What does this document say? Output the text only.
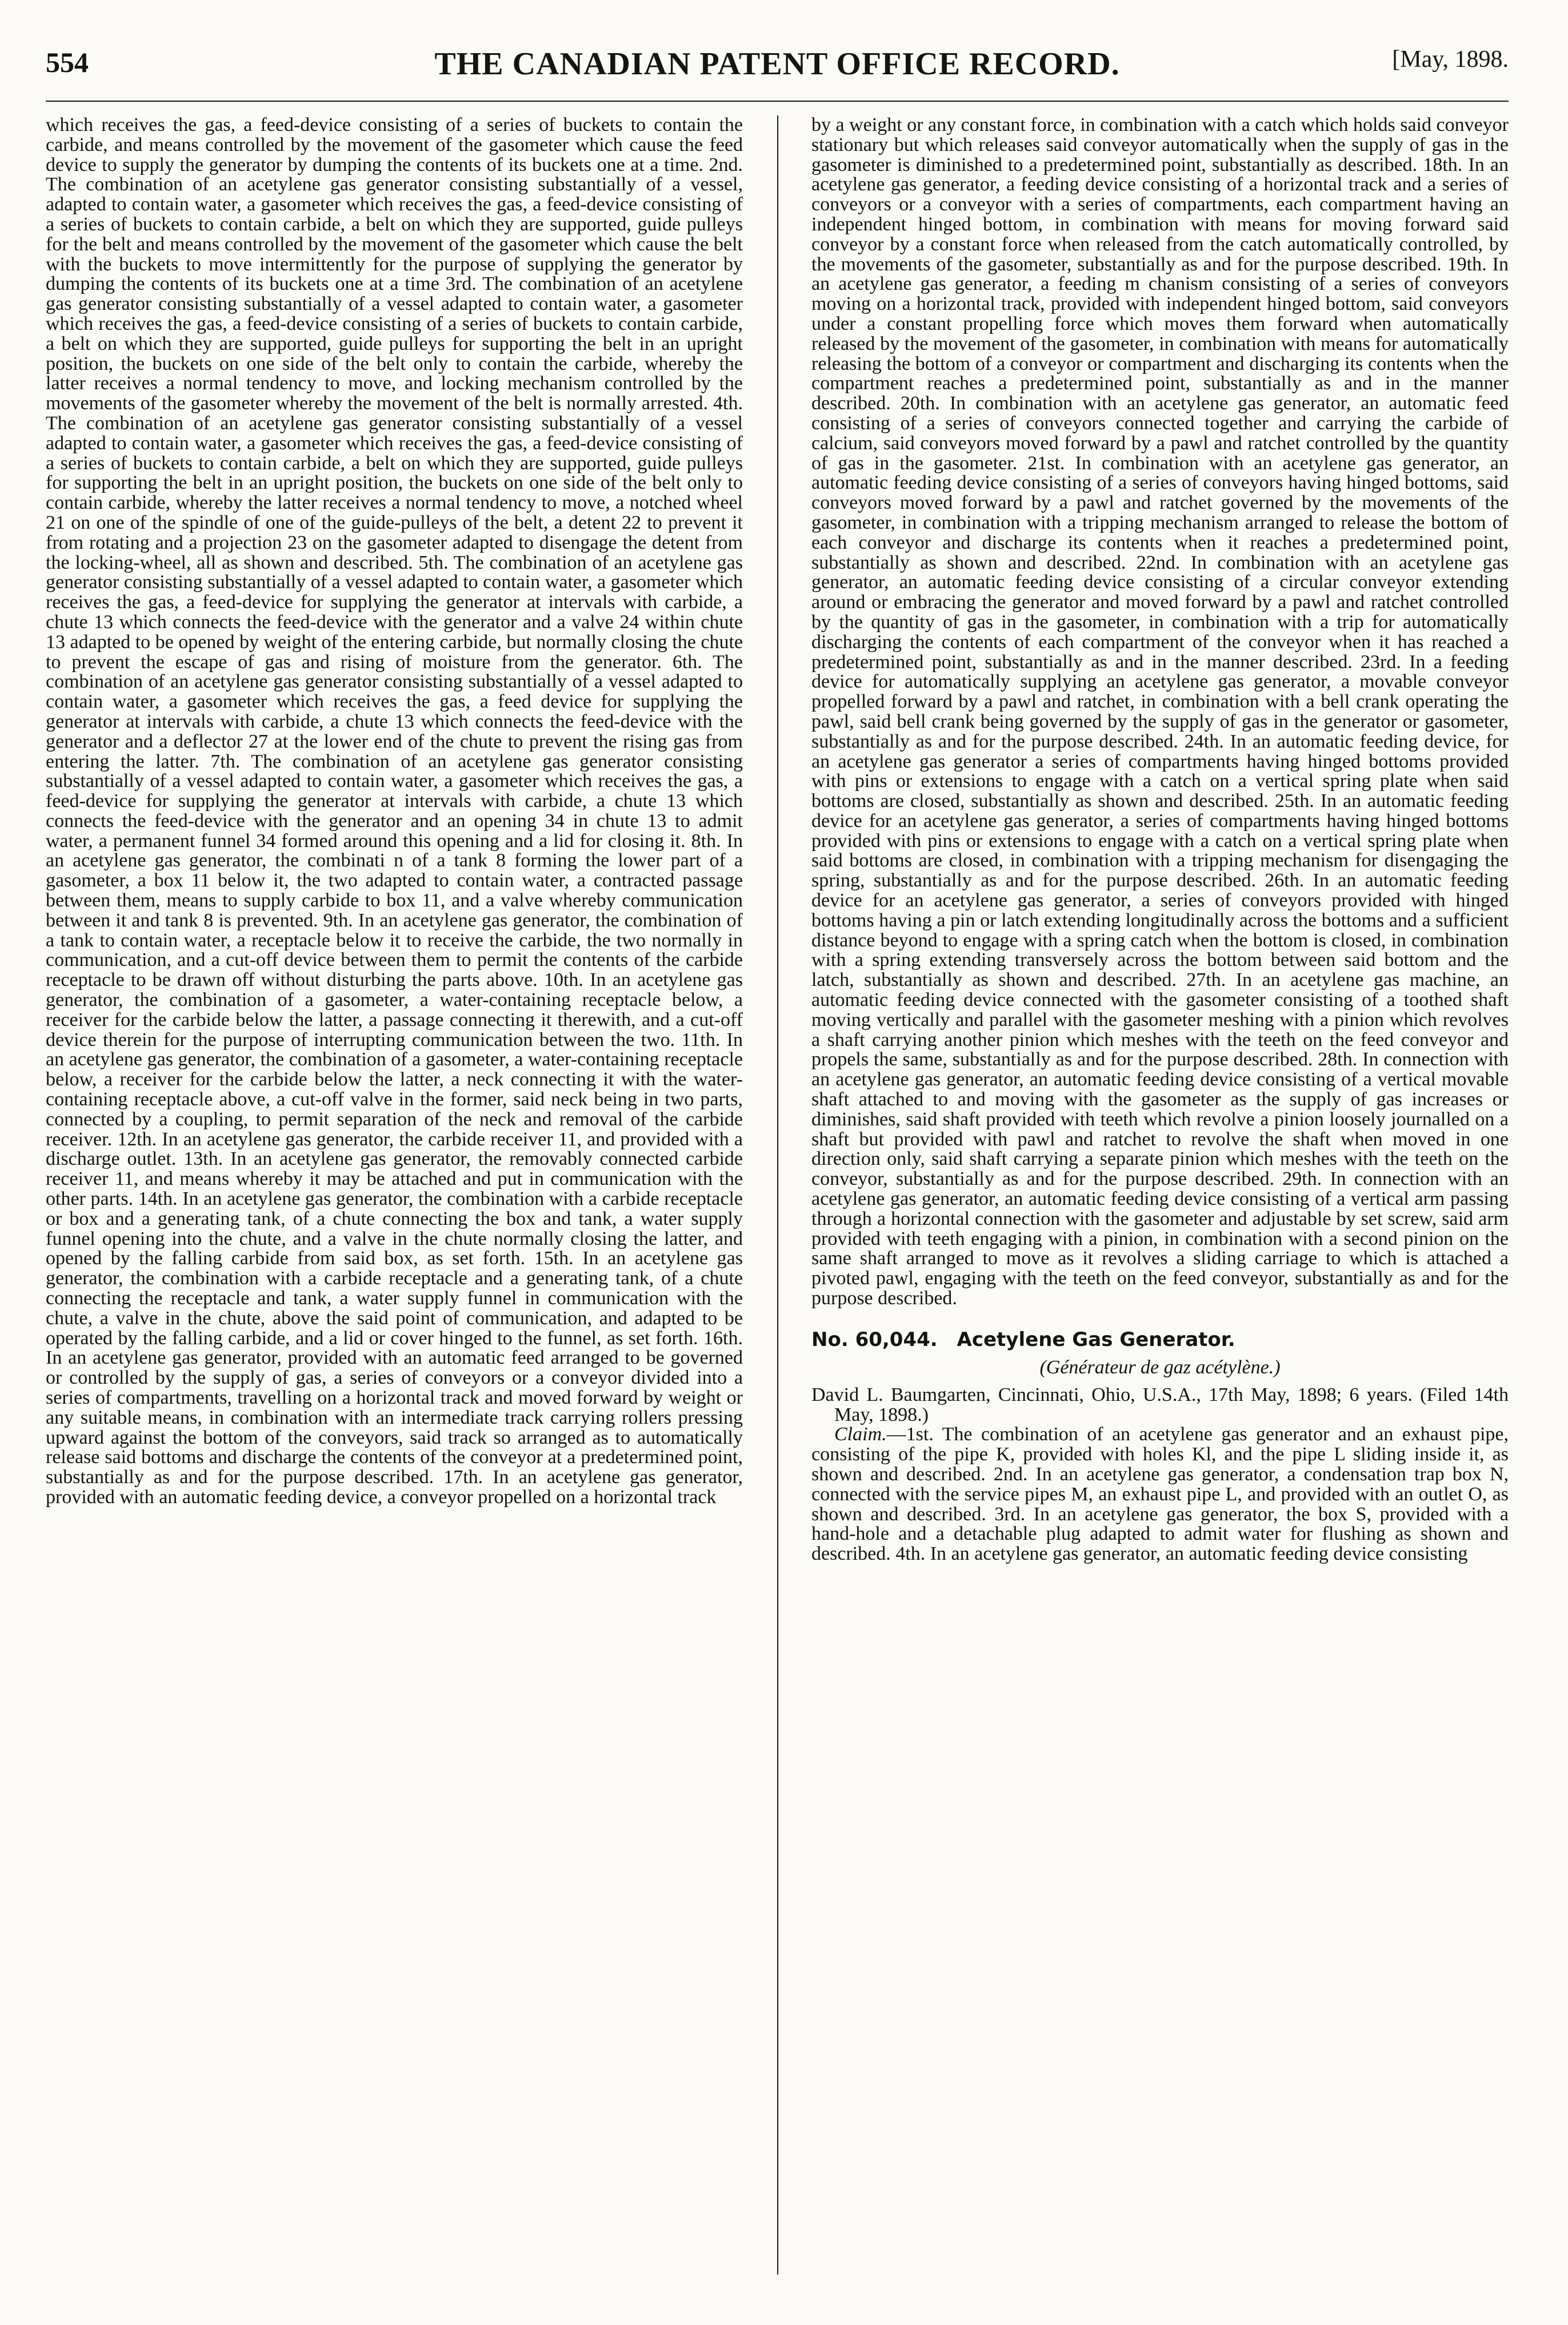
554	THE CANADIAN PATENT OFFICE RECORD.	[May, 1898.

which receives the gas, a feed-device consisting of a series of buckets to contain the carbide, and means controlled by the movement of the gasometer which cause the feed device to supply the generator by dumping the contents of its buckets one at a time. 2nd. The combination of an acetylene gas generator consisting substantially of a vessel, adapted to contain water, a gasometer which receives the gas, a feed-device consisting of a series of buckets to contain carbide, a belt on which they are supported, guide pulleys for the belt and means controlled by the movement of the gasometer which cause the belt with the buckets to move intermittently for the purpose of supplying the generator by dumping the contents of its buckets one at a time 3rd. The combination of an acetylene gas generator consisting substantially of a vessel adapted to contain water, a gasometer which receives the gas, a feed-device consisting of a series of buckets to contain carbide, a belt on which they are supported, guide pulleys for supporting the belt in an upright position, the buckets on one side of the belt only to contain the carbide, whereby the latter receives a normal tendency to move, and locking mechanism controlled by the movements of the gasometer whereby the movement of the belt is normally arrested. 4th. The combination of an acetylene gas generator consisting substantially of a vessel adapted to contain water, a gasometer which receives the gas, a feed-device consisting of a series of buckets to contain carbide, a belt on which they are supported, guide pulleys for supporting the belt in an upright position, the buckets on one side of the belt only to contain carbide, whereby the latter receives a normal tendency to move, a notched wheel 21 on one of the spindle of one of the guide-pulleys of the belt, a detent 22 to prevent it from rotating and a projection 23 on the gasometer adapted to disengage the detent from the locking-wheel, all as shown and described. 5th. The combination of an acetylene gas generator consisting substantially of a vessel adapted to contain water, a gasometer which receives the gas, a feed-device for supplying the generator at intervals with carbide, a chute 13 which connects the feed-device with the generator and a valve 24 within chute 13 adapted to be opened by weight of the entering carbide, but normally closing the chute to prevent the escape of gas and rising of moisture from the generator. 6th. The combination of an acetylene gas generator consisting substantially of a vessel adapted to contain water, a gasometer which receives the gas, a feed device for supplying the generator at intervals with carbide, a chute 13 which connects the feed-device with the generator and a deflector 27 at the lower end of the chute to prevent the rising gas from entering the latter. 7th. The combination of an acetylene gas generator consisting substantially of a vessel adapted to contain water, a gasometer which receives the gas, a feed-device for supplying the generator at intervals with carbide, a chute 13 which connects the feed-device with the generator and an opening 34 in chute 13 to admit water, a permanent funnel 34 formed around this opening and a lid for closing it. 8th. In an acetylene gas generator, the combinati n of a tank 8 forming the lower part of a gasometer, a box 11 below it, the two adapted to contain water, a contracted passage between them, means to supply carbide to box 11, and a valve whereby communication between it and tank 8 is prevented. 9th. In an acetylene gas generator, the combination of a tank to contain water, a receptacle below it to receive the carbide, the two normally in communication, and a cut-off device between them to permit the contents of the carbide receptacle to be drawn off without disturbing the parts above. 10th. In an acetylene gas generator, the combination of a gasometer, a water-containing receptacle below, a receiver for the carbide below the latter, a passage connecting it therewith, and a cut-off device therein for the purpose of interrupting communication between the two. 11th. In an acetylene gas generator, the combination of a gasometer, a water-containing receptacle below, a receiver for the carbide below the latter, a neck connecting it with the water-containing receptacle above, a cut-off valve in the former, said neck being in two parts, connected by a coupling, to permit separation of the neck and removal of the carbide receiver. 12th. In an acetylene gas generator, the carbide receiver 11, and provided with a discharge outlet. 13th. In an acetylene gas generator, the removably connected carbide receiver 11, and means whereby it may be attached and put in communication with the other parts. 14th. In an acetylene gas generator, the combination with a carbide receptacle or box and a generating tank, of a chute connecting the box and tank, a water supply funnel opening into the chute, and a valve in the chute normally closing the latter, and opened by the falling carbide from said box, as set forth. 15th. In an acetylene gas generator, the combination with a carbide receptacle and a generating tank, of a chute connecting the receptacle and tank, a water supply funnel in communication with the chute, a valve in the chute, above the said point of communication, and adapted to be operated by the falling carbide, and a lid or cover hinged to the funnel, as set forth. 16th. In an acetylene gas generator, provided with an automatic feed arranged to be governed or controlled by the supply of gas, a series of conveyors or a conveyor divided into a series of compartments, travelling on a horizontal track and moved forward by weight or any suitable means, in combination with an intermediate track carrying rollers pressing upward against the bottom of the conveyors, said track so arranged as to automatically release said bottoms and discharge the contents of the conveyor at a predetermined point, substantially as and for the purpose described. 17th. In an acetylene gas generator, provided with an automatic feeding device, a conveyor propelled on a horizontal track

by a weight or any constant force, in combination with a catch which holds said conveyor stationary but which releases said conveyor automatically when the supply of gas in the gasometer is diminished to a predetermined point, substantially as described. 18th. In an acetylene gas generator, a feeding device consisting of a horizontal track and a series of conveyors or a conveyor with a series of compartments, each compartment having an independent hinged bottom, in combination with means for moving forward said conveyor by a constant force when released from the catch automatically controlled, by the movements of the gasometer, substantially as and for the purpose described. 19th. In an acetylene gas generator, a feeding m chanism consisting of a series of conveyors moving on a horizontal track, provided with independent hinged bottom, said conveyors under a constant propelling force which moves them forward when automatically released by the movement of the gasometer, in combination with means for automatically releasing the bottom of a conveyor or compartment and discharging its contents when the compartment reaches a predetermined point, substantially as and in the manner described. 20th. In combination with an acetylene gas generator, an automatic feed consisting of a series of conveyors connected together and carrying the carbide of calcium, said conveyors moved forward by a pawl and ratchet controlled by the quantity of gas in the gasometer. 21st. In combination with an acetylene gas generator, an automatic feeding device consisting of a series of conveyors having hinged bottoms, said conveyors moved forward by a pawl and ratchet governed by the movements of the gasometer, in combination with a tripping mechanism arranged to release the bottom of each conveyor and discharge its contents when it reaches a predetermined point, substantially as shown and described. 22nd. In combination with an acetylene gas generator, an automatic feeding device consisting of a circular conveyor extending around or embracing the generator and moved forward by a pawl and ratchet controlled by the quantity of gas in the gasometer, in combination with a trip for automatically discharging the contents of each compartment of the conveyor when it has reached a predetermined point, substantially as and in the manner described. 23rd. In a feeding device for automatically supplying an acetylene gas generator, a movable conveyor propelled forward by a pawl and ratchet, in combination with a bell crank operating the pawl, said bell crank being governed by the supply of gas in the generator or gasometer, substantially as and for the purpose described. 24th. In an automatic feeding device, for an acetylene gas generator a series of compartments having hinged bottoms provided with pins or extensions to engage with a catch on a vertical spring plate when said bottoms are closed, substantially as shown and described. 25th. In an automatic feeding device for an acetylene gas generator, a series of compartments having hinged bottoms provided with pins or extensions to engage with a catch on a vertical spring plate when said bottoms are closed, in combination with a tripping mechanism for disengaging the spring, substantially as and for the purpose described. 26th. In an automatic feeding device for an acetylene gas generator, a series of conveyors provided with hinged bottoms having a pin or latch extending longitudinally across the bottoms and a sufficient distance beyond to engage with a spring catch when the bottom is closed, in combination with a spring extending transversely across the bottom between said bottom and the latch, substantially as shown and described. 27th. In an acetylene gas machine, an automatic feeding device connected with the gasometer consisting of a toothed shaft moving vertically and parallel with the gasometer meshing with a pinion which revolves a shaft carrying another pinion which meshes with the teeth on the feed conveyor and propels the same, substantially as and for the purpose described. 28th. In connection with an acetylene gas generator, an automatic feeding device consisting of a vertical movable shaft attached to and moving with the gasometer as the supply of gas increases or diminishes, said shaft provided with teeth which revolve a pinion loosely journalled on a shaft but provided with pawl and ratchet to revolve the shaft when moved in one direction only, said shaft carrying a separate pinion which meshes with the teeth on the conveyor, substantially as and for the purpose described. 29th. In connection with an acetylene gas generator, an automatic feeding device consisting of a vertical arm passing through a horizontal connection with the gasometer and adjustable by set screw, said arm provided with teeth engaging with a pinion, in combination with a second pinion on the same shaft arranged to move as it revolves a sliding carriage to which is attached a pivoted pawl, engaging with the teeth on the feed conveyor, substantially as and for the purpose described.

No. 60,044. Acetylene Gas Generator.

(Générateur de gaz acétylène.)

David L. Baumgarten, Cincinnati, Ohio, U.S.A., 17th May, 1898; 6 years. (Filed 14th May, 1898.)

Claim.—1st. The combination of an acetylene gas generator and an exhaust pipe, consisting of the pipe K, provided with holes Kl, and the pipe L sliding inside it, as shown and described. 2nd. In an acetylene gas generator, a condensation trap box N, connected with the service pipes M, an exhaust pipe L, and provided with an outlet O, as shown and described. 3rd. In an acetylene gas generator, the box S, provided with a hand-hole and a detachable plug adapted to admit water for flushing as shown and described. 4th. In an acetylene gas generator, an automatic feeding device consisting
